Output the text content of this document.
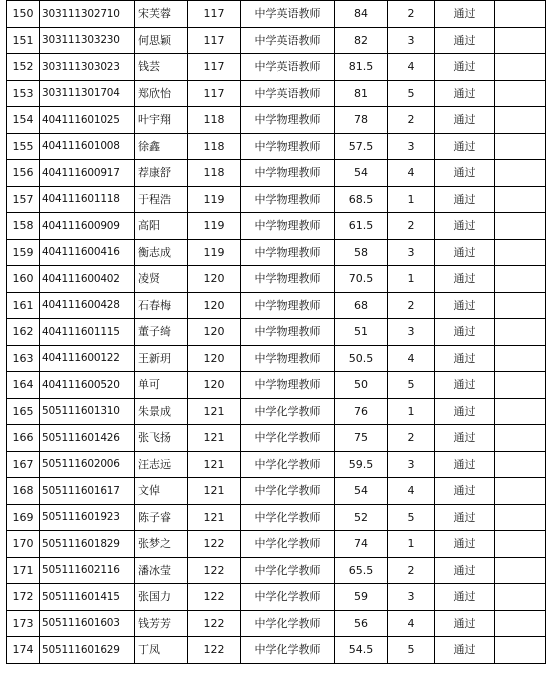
150	303111302710	宋芙蓉	117	中学英语教师	84	2	通过	
151	303111303230	何思颖	117	中学英语教师	82	3	通过	
152	303111303023	钱芸	117	中学英语教师	81.5	4	通过	
153	303111301704	郑欣怡	117	中学英语教师	81	5	通过	
154	404111601025	叶宇翔	118	中学物理教师	78	2	通过	
155	404111601008	徐鑫	118	中学物理教师	57.5	3	通过	
156	404111600917	荐康舒	118	中学物理教师	54	4	通过	
157	404111601118	于程浩	119	中学物理教师	68.5	1	通过	
158	404111600909	高阳	119	中学物理教师	61.5	2	通过	
159	404111600416	衡志成	119	中学物理教师	58	3	通过	
160	404111600402	凌贤	120	中学物理教师	70.5	1	通过	
161	404111600428	石春梅	120	中学物理教师	68	2	通过	
162	404111601115	董子绮	120	中学物理教师	51	3	通过	
163	404111600122	王新玥	120	中学物理教师	50.5	4	通过	
164	404111600520	单可	120	中学物理教师	50	5	通过	
165	505111601310	朱景成	121	中学化学教师	76	1	通过	
166	505111601426	张飞扬	121	中学化学教师	75	2	通过	
167	505111602006	汪志远	121	中学化学教师	59.5	3	通过	
168	505111601617	文倬	121	中学化学教师	54	4	通过	
169	505111601923	陈子睿	121	中学化学教师	52	5	通过	
170	505111601829	张梦之	122	中学化学教师	74	1	通过	
171	505111602116	潘冰莹	122	中学化学教师	65.5	2	通过	
172	505111601415	张国力	122	中学化学教师	59	3	通过	
173	505111601603	钱芳芳	122	中学化学教师	56	4	通过	
174	505111601629	丁凤	122	中学化学教师	54.5	5	通过	
